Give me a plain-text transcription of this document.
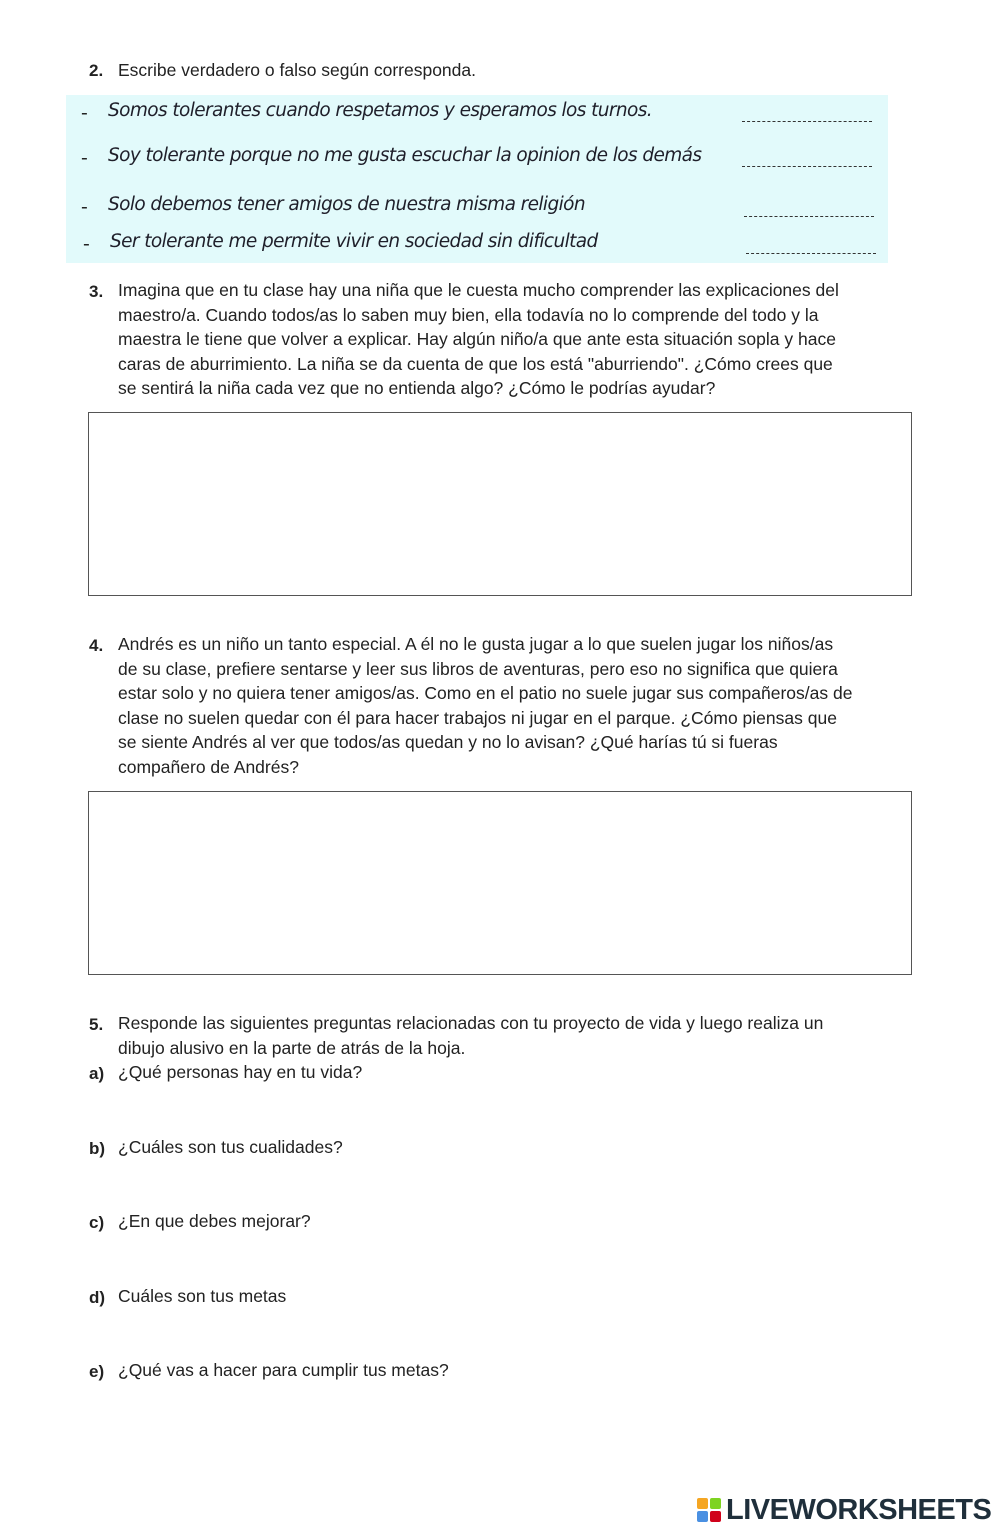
2. Escribe verdadero o falso según corresponda.
- Somos tolerantes cuando respetamos y esperamos los turnos.
- Soy tolerante porque no me gusta escuchar la opinion de los demás
- Solo debemos tener amigos de nuestra misma religión
- Ser tolerante me permite vivir en sociedad sin dificultad
3. Imagina que en tu clase hay una niña que le cuesta mucho comprender las explicaciones del
maestro/a. Cuando todos/as lo saben muy bien, ella todavía no lo comprende del todo y la
maestra le tiene que volver a explicar. Hay algún niño/a que ante esta situación sopla y hace
caras de aburrimiento. La niña se da cuenta de que los está "aburriendo". ¿Cómo crees que
se sentirá la niña cada vez que no entienda algo? ¿Cómo le podrías ayudar?
4. Andrés es un niño un tanto especial. A él no le gusta jugar a lo que suelen jugar los niños/as
de su clase, prefiere sentarse y leer sus libros de aventuras, pero eso no significa que quiera
estar solo y no quiera tener amigos/as. Como en el patio no suele jugar sus compañeros/as de
clase no suelen quedar con él para hacer trabajos ni jugar en el parque. ¿Cómo piensas que
se siente Andrés al ver que todos/as quedan y no lo avisan? ¿Qué harías tú si fueras
compañero de Andrés?
5. Responde las siguientes preguntas relacionadas con tu proyecto de vida y luego realiza un
dibujo alusivo en la parte de atrás de la hoja.
a) ¿Qué personas hay en tu vida?
b) ¿Cuáles son tus cualidades?
c) ¿En que debes mejorar?
d) Cuáles son tus metas
e) ¿Qué vas a hacer para cumplir tus metas?
LIVEWORKSHEETS
